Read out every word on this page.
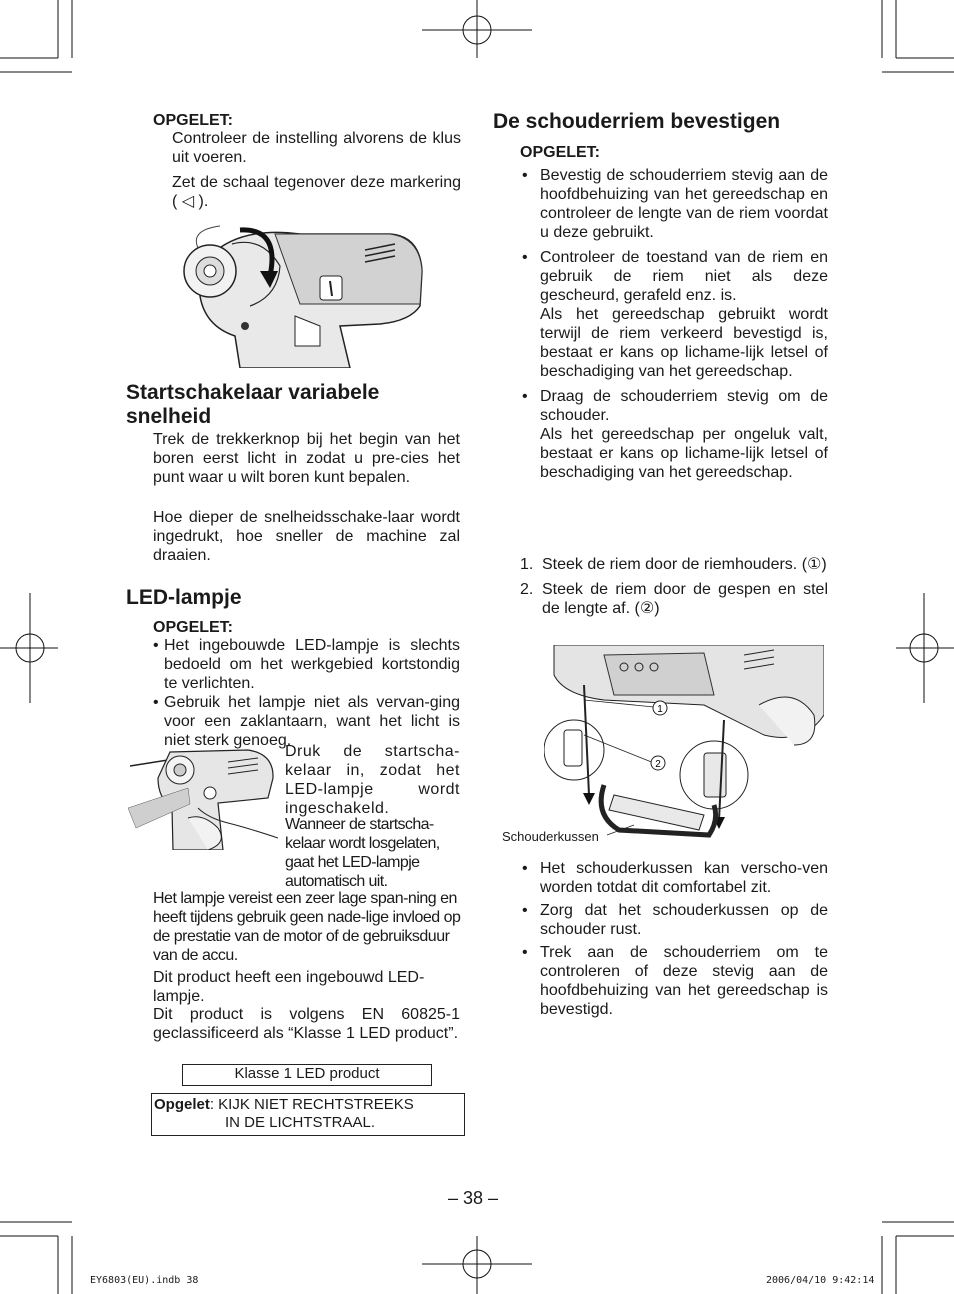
OPGELET:
Controleer de instelling alvorens de klus uit voeren.
Zet de schaal tegenover deze markering ( ◁ ).
Startschakelaar variabele
snelheid
Trek de trekkerknop bij het begin van het boren eerst licht in zodat u pre-cies het punt waar u wilt boren kunt bepalen.
Hoe dieper de snelheidsschake-laar wordt ingedrukt, hoe sneller de machine zal draaien.
LED-lampje
OPGELET:
• Het ingebouwde LED-lampje is slechts bedoeld om het werkgebied kortstondig te verlichten.
• Gebruik het lampje niet als vervan-ging voor een zaklantaarn, want het licht is niet sterk genoeg.
Druk de startscha-kelaar in, zodat het LED-lampje wordt ingeschakeld.
Wanneer de startscha-kelaar wordt losgelaten, gaat het LED-lampje automatisch uit.
Het lampje vereist een zeer lage span-ning en heeft tijdens gebruik geen nade-lige invloed op de prestatie van de motor of de gebruiksduur van de accu.
Dit product heeft een ingebouwd LED-lampje.
Dit product is volgens EN 60825-1 geclassificeerd als “Klasse 1 LED product”.
Klasse 1 LED product
Opgelet: KIJK NIET RECHTSTREEKS
IN DE LICHTSTRAAL.
De schouderriem bevestigen
OPGELET:
• Bevestig de schouderriem stevig aan de hoofdbehuizing van het gereedschap en controleer de lengte van de riem voordat u deze gebruikt.
• Controleer de toestand van de riem en gebruik de riem niet als deze gescheurd, gerafeld enz. is.
Als het gereedschap gebruikt wordt terwijl de riem verkeerd bevestigd is, bestaat er kans op lichame-lijk letsel of beschadiging van het gereedschap.
• Draag de schouderriem stevig om de schouder.
Als het gereedschap per ongeluk valt, bestaat er kans op lichame-lijk letsel of beschadiging van het gereedschap.
1. Steek de riem door de riemhouders. (①)
2. Steek de riem door de gespen en stel de lengte af. (②)
1
2
Schouderkussen
• Het schouderkussen kan verscho-ven worden totdat dit comfortabel zit.
• Zorg dat het schouderkussen op de schouder rust.
• Trek aan de schouderriem om te controleren of deze stevig aan de hoofdbehuizing van het gereedschap is bevestigd.
– 38 –
EY6803(EU).indb 38	2006/04/10 9:42:14
